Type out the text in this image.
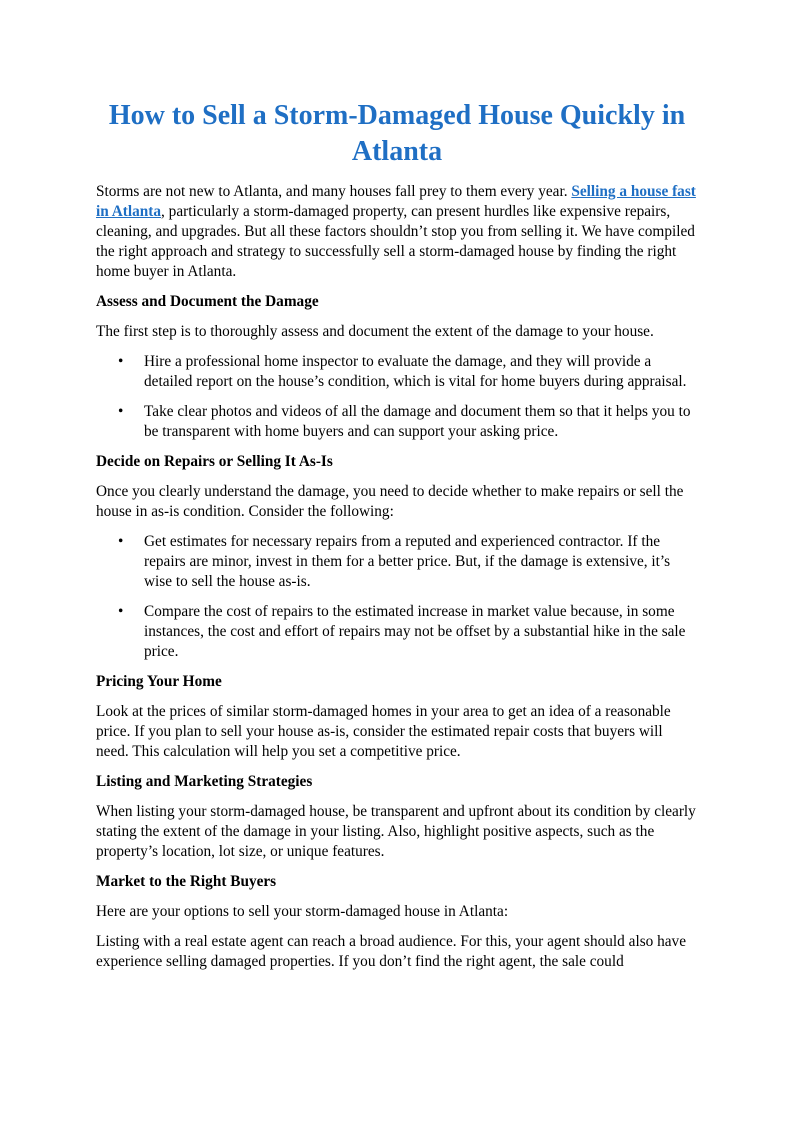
How to Sell a Storm-Damaged House Quickly in Atlanta

Storms are not new to Atlanta, and many houses fall prey to them every year. Selling a house fast in Atlanta, particularly a storm-damaged property, can present hurdles like expensive repairs, cleaning, and upgrades. But all these factors shouldn’t stop you from selling it. We have compiled the right approach and strategy to successfully sell a storm-damaged house by finding the right home buyer in Atlanta.

Assess and Document the Damage

The first step is to thoroughly assess and document the extent of the damage to your house.

• Hire a professional home inspector to evaluate the damage, and they will provide a detailed report on the house’s condition, which is vital for home buyers during appraisal.
• Take clear photos and videos of all the damage and document them so that it helps you to be transparent with home buyers and can support your asking price.
Decide on Repairs or Selling It As-Is

Once you clearly understand the damage, you need to decide whether to make repairs or sell the house in as-is condition. Consider the following:

• Get estimates for necessary repairs from a reputed and experienced contractor. If the repairs are minor, invest in them for a better price. But, if the damage is extensive, it’s wise to sell the house as-is.
• Compare the cost of repairs to the estimated increase in market value because, in some instances, the cost and effort of repairs may not be offset by a substantial hike in the sale price.
Pricing Your Home

Look at the prices of similar storm-damaged homes in your area to get an idea of a reasonable price. If you plan to sell your house as-is, consider the estimated repair costs that buyers will need. This calculation will help you set a competitive price.

Listing and Marketing Strategies

When listing your storm-damaged house, be transparent and upfront about its condition by clearly stating the extent of the damage in your listing. Also, highlight positive aspects, such as the property’s location, lot size, or unique features.

Market to the Right Buyers

Here are your options to sell your storm-damaged house in Atlanta:

Listing with a real estate agent can reach a broad audience. For this, your agent should also have experience selling damaged properties. If you don’t find the right agent, the sale could
